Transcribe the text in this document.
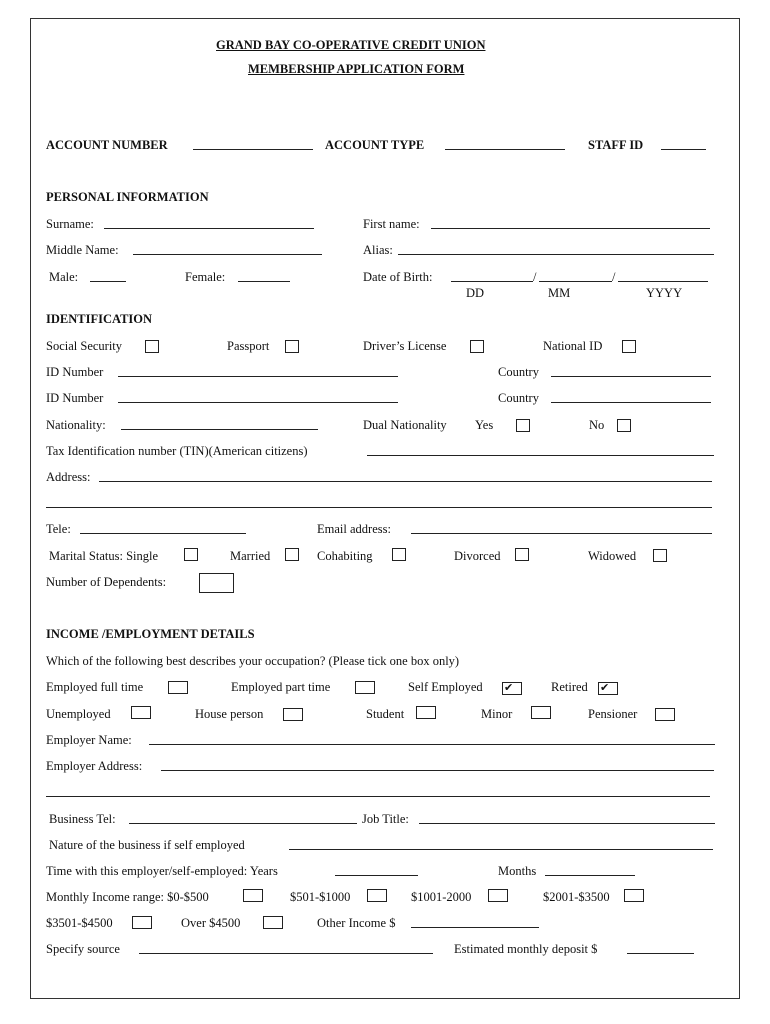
GRAND BAY CO-OPERATIVE CREDIT UNION
MEMBERSHIP APPLICATION FORM
ACCOUNT NUMBER	ACCOUNT TYPE	STAFF ID
PERSONAL INFORMATION
Surname:	First name:
Middle Name:	Alias:
Male:	Female:	Date of Birth:	/	/
DD	MM	YYYY
IDENTIFICATION
Social Security	Passport	Driver’s License	National ID
ID Number	Country
ID Number	Country
Nationality:	Dual Nationality Yes	No
Tax Identification number (TIN)(American citizens)
Address:
Tele:	Email address:
Marital Status: Single	Married	Cohabiting	Divorced	Widowed
Number of Dependents:
INCOME /EMPLOYMENT DETAILS
Which of the following best describes your occupation? (Please tick one box only)
Employed full time	Employed part time	Self Employed
✔	Retired
✔
Unemployed	House person	Student	Minor	Pensioner
Employer Name:
Employer Address:
Business Tel:	Job Title:
Nature of the business if self employed
Time with this employer/self-employed: Years	Months
Monthly Income range: $0-$500	$501-$1000	$1001-2000	$2001-$3500
$3501-$4500	Over $4500	Other Income $
Specify source	Estimated monthly deposit $
